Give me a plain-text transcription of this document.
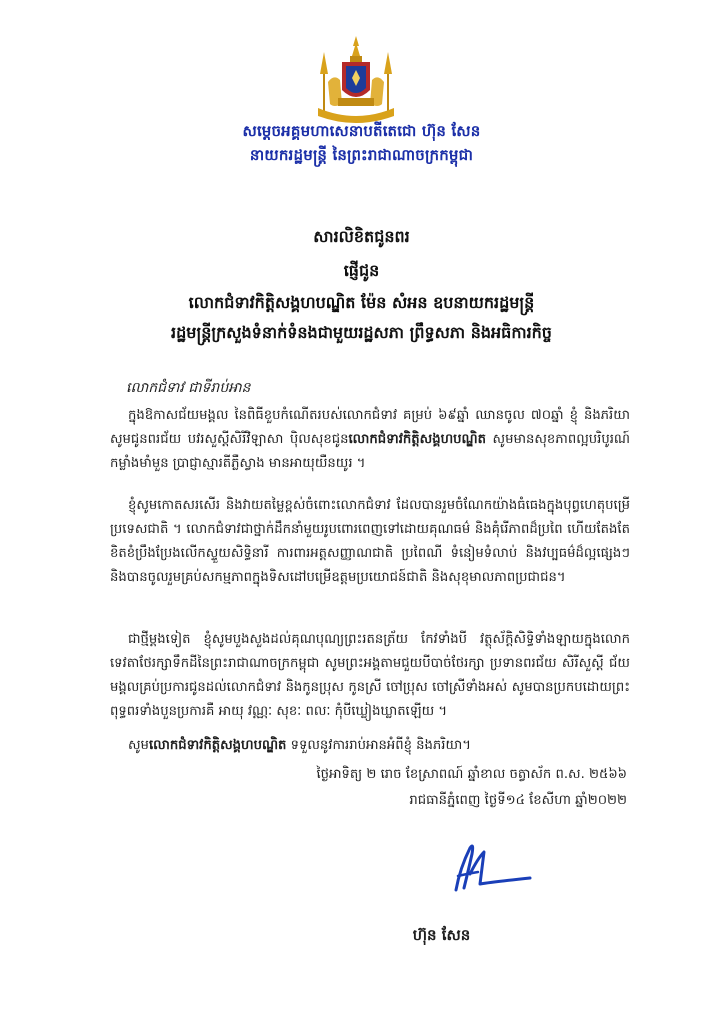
សម្ដេចអគ្គមហាសេនាបតីតេជោ ហ៊ុន សែន
នាយករដ្ឋមន្ត្រី នៃព្រះរាជាណាចក្រកម្ពុជា
សារលិខិតជូនពរ
ផ្ញើជូន
លោកជំទាវកិត្តិសង្គហបណ្ឌិត ម៉ែន សំអន ឧបនាយករដ្ឋមន្ត្រី
រដ្ឋមន្ត្រីក្រសួងទំនាក់ទំនងជាមួយរដ្ឋសភា ព្រឹទ្ធសភា និងអធិការកិច្ច
លោកជំទាវ ជាទីរាប់អាន

ក្នុងឱកាសជ័យមង្គល នៃពិធីខួបកំណើតរបស់លោកជំទាវ គម្រប់ ៦៩ឆ្នាំ ឈានចូល ៧០ឆ្នាំ ខ្ញុំ និងភរិយាសូមជូនពរជ័យ បវរសួស្តីសិរីវិឡាសា ប៉ិលសុខជូនលោកជំទាវកិត្តិសង្គហបណ្ឌិត សូមមានសុខភាពល្អបរិបូរណ៍ កម្លាំងមាំមួន ប្រាជ្ញាស្មារតីភ្លឺស្វាង មានអាយុយឺនយូរ ។

ខ្ញុំសូមកោតសរសើរ និងវាយតម្លៃខ្ពស់ចំពោះលោកជំទាវ ដែលបានរួមចំណែកយ៉ាងធំធេងក្នុងបុព្វហេតុបម្រើប្រទេសជាតិ ។ លោកជំទាវជាថ្នាក់ដឹកនាំមួយរូបពោរពេញទៅដោយគុណធម៌ និងគុំរើភាពដ៏ប្រពៃ ហើយតែងតែខិតខំប្រឹងប្រែងលើកស្ទួយសិទ្ធិនារី ការពារអត្តសញ្ញាណជាតិ ប្រពៃណី ទំនៀមទំលាប់ និងវប្បធម៌ដ៏ល្អផ្សេងៗ និងបានចូលរួមគ្រប់សកម្មភាពក្នុងទិសដៅបម្រើឧត្តមប្រយោជន៍ជាតិ និងសុខុមាលភាពប្រជាជន។

ជាថ្មីម្តងទៀត ខ្ញុំសូមបួងសួងដល់គុណបុណ្យព្រះរតនត្រ័យ កែវទាំងបី វត្ថុស័ក្តិសិទ្ធិទាំងឡាយក្នុងលោក ទេវតាថែរក្សាទឹកដីនៃព្រះរាជាណាចក្រកម្ពុជា សូមព្រះអង្គតាមជួយបីបាច់ថែរក្សា ប្រទានពរជ័យ សិរីសួស្តី ជ័យមង្គលគ្រប់ប្រការជូនដល់លោកជំទាវ និងកូនប្រុស កូនស្រី ចៅប្រុស ចៅស្រីទាំងអស់ សូមបានប្រកបដោយព្រះពុទ្ធពរទាំងបួនប្រការគឺ អាយុ វណ្ណៈ សុខៈ ពលៈ កុំបីឃ្លៀងឃ្លាតឡើយ ។

សូមលោកជំទាវកិត្តិសង្គហបណ្ឌិត ទទួលនូវការរាប់អានអំពីខ្ញុំ និងភរិយា។

ថ្ងៃអាទិត្យ ២ រោច ខែស្រាពណ៍ ឆ្នាំខាល ចត្វាស័ក ព.ស. ២៥៦៦
រាជធានីភ្នំពេញ ថ្ងៃទី១៤ ខែសីហា ឆ្នាំ២០២២
ហ៊ុន សែន
